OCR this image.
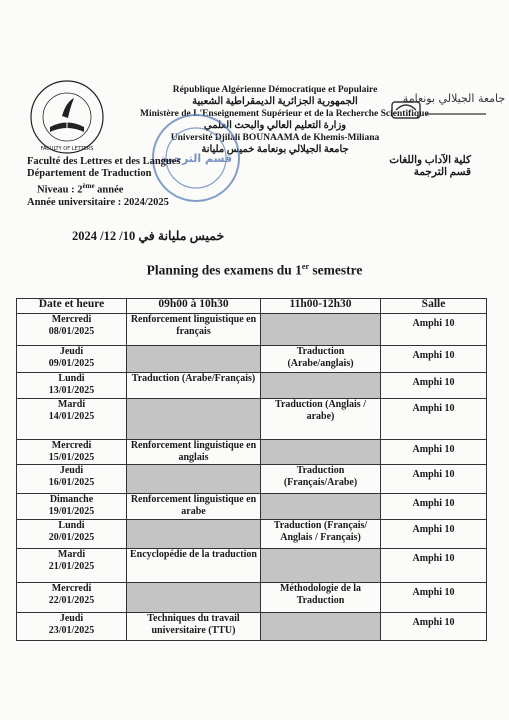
FACULTY OF LETTERS
جامعة الجيلالي بونعامة
République Algérienne Démocratique et Populaire
الجمهورية الجزائرية الديمقراطية الشعبية
Ministère de L'Enseignement Supérieur et de la Recherche Scientifique
وزارة التعليم العالي والبحث العلمي
Université Djilali BOUNAAMA de Khemis-Miliana
جامعة الجيلالي بونعامة خميس مليانة
قسم الترجمة
Faculté des Lettres et des Langues
Département de Traduction
Niveau : 2ème année
Année universitaire : 2024/2025
كلية الآداب واللغات
قسم الترجمة
خميس مليانة في 10/ 12/ 2024
Planning des examens du 1er semestre
Date et heure	09h00 à 10h30	11h00-12h30	Salle

Mercredi
08/01/2025	Renforcement linguistique en français		Amphi 10

Jeudi
09/01/2025		Traduction (Arabe/anglais)	Amphi 10

Lundi
13/01/2025	Traduction (Arabe/Français)		Amphi 10

Mardi
14/01/2025		Traduction (Anglais / arabe)	Amphi 10

Mercredi
15/01/2025	Renforcement linguistique en anglais		Amphi 10

Jeudi
16/01/2025		Traduction (Français/Arabe)	Amphi 10

Dimanche
19/01/2025	Renforcement linguistique en arabe		Amphi 10

Lundi
20/01/2025		Traduction (Français/ Anglais / Français)	Amphi 10

Mardi
21/01/2025	Encyclopédie de la traduction		Amphi 10

Mercredi
22/01/2025		Méthodologie de la Traduction	Amphi 10

Jeudi
23/01/2025	Techniques du travail universitaire (TTU)		Amphi 10
